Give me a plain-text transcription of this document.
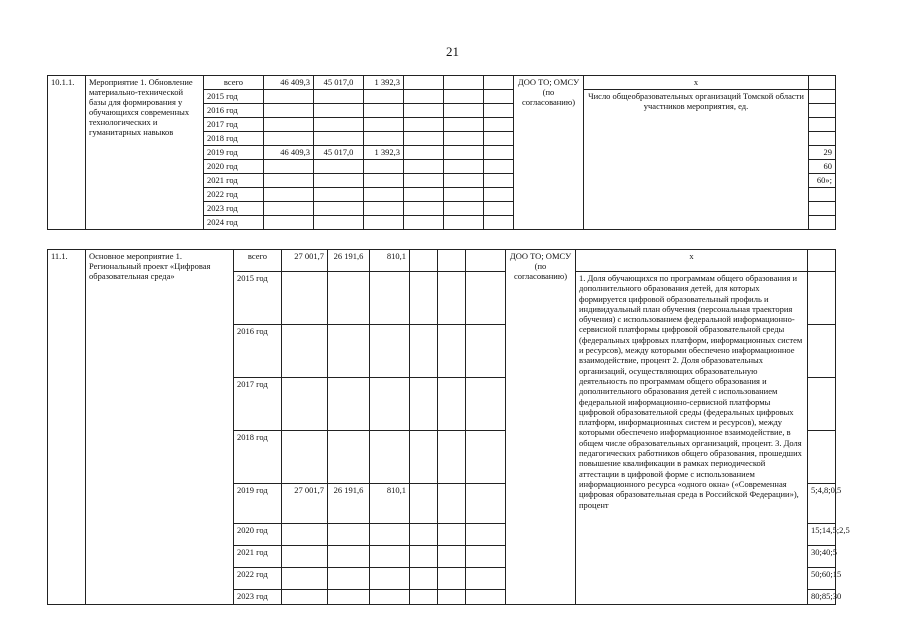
21
10.1.1.	Мероприятие 1. Обновление материально-технической базы для формирования у обучающихся современных технологических и гуманитарных навыков	всего	46 409,3	45 017,0	1 392,3				ДОО ТО; ОМСУ (по согласованию)	х	
		2015 год								Число общеобразовательных организаций Томской области участников мероприятия, ед.	
		2016 год									
		2017 год									
		2018 год									
		2019 год	46 409,3	45 017,0	1 392,3						29
		2020 год									60
		2021 год									60»;
		2022 год									
		2023 год									
		2024 год									
11.1.	Основное мероприятие 1. Региональный проект «Цифровая образовательная среда»	всего	27 001,7	26 191,6	810,1				ДОО ТО; ОМСУ (по согласованию)	х	
		2015 год								1. Доля обучающихся по программам общего образования и дополнительного образования детей, для которых формируется цифровой образовательный профиль и индивидуальный план обучения (персональная траектория обучения) с использованием федеральной информационно-сервисной платформы цифровой образовательной среды (федеральных цифровых платформ, информационных систем и ресурсов), между которыми обеспечено информационное взаимодействие, процент 2. Доля образовательных организаций, осуществляющих образовательную деятельность по программам общего образования и дополнительного образования детей с использованием федеральной информационно-сервисной платформы цифровой образовательной среды (федеральных цифровых платформ, информационных систем и ресурсов), между которыми обеспечено информационное взаимодействие, в общем числе образовательных организаций, процент. 3. Доля педагогических работников общего образования, прошедших повышение квалификации в рамках периодической аттестации в цифровой форме с использованием информационного ресурса «одного окна» («Современная цифровая образовательная среда в Российской Федерации»), процент	
		2016 год									
		2017 год									
		2018 год									
		2019 год	27 001,7	26 191,6	810,1						5;4,8;0,5
		2020 год									15;14,5;2,5
		2021 год									30;40;5
		2022 год									50;60;15
		2023 год									80;85;30
